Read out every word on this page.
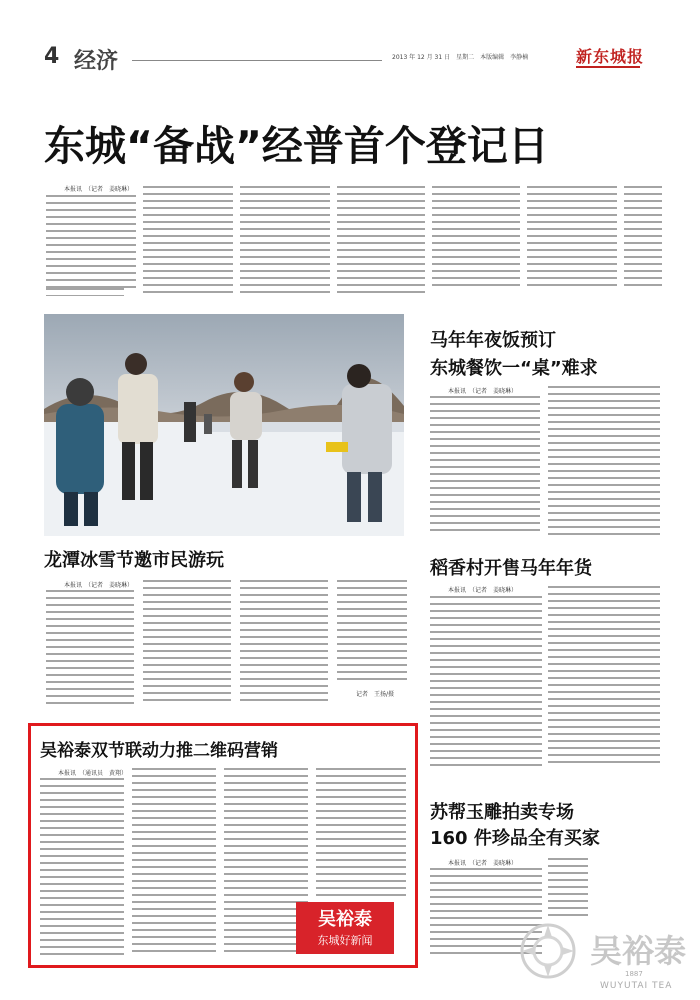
4 经济	2013 年 12 月 31 日　星期二　本版编辑　李静楠	新东城报
东城“备战”经普首个登记日
本报讯　（记者　姜晓琳）
马年年夜饭预订
东城餐饮一“桌”难求
本报讯　（记者　姜晓琳）
龙潭冰雪节邀市民游玩
本报讯　（记者　姜晓琳）
记者　王扬/摄
稻香村开售马年年货
本报讯　（记者　姜晓琳）
吴裕泰双节联动力推二维码营销
本报讯　（通讯员　黄翔）
吴裕泰
东城好新闻
苏帮玉雕拍卖专场
160 件珍品全有买家
本报讯　（记者　姜晓琳）
吴裕泰
1887
WUYUTAI TEA
